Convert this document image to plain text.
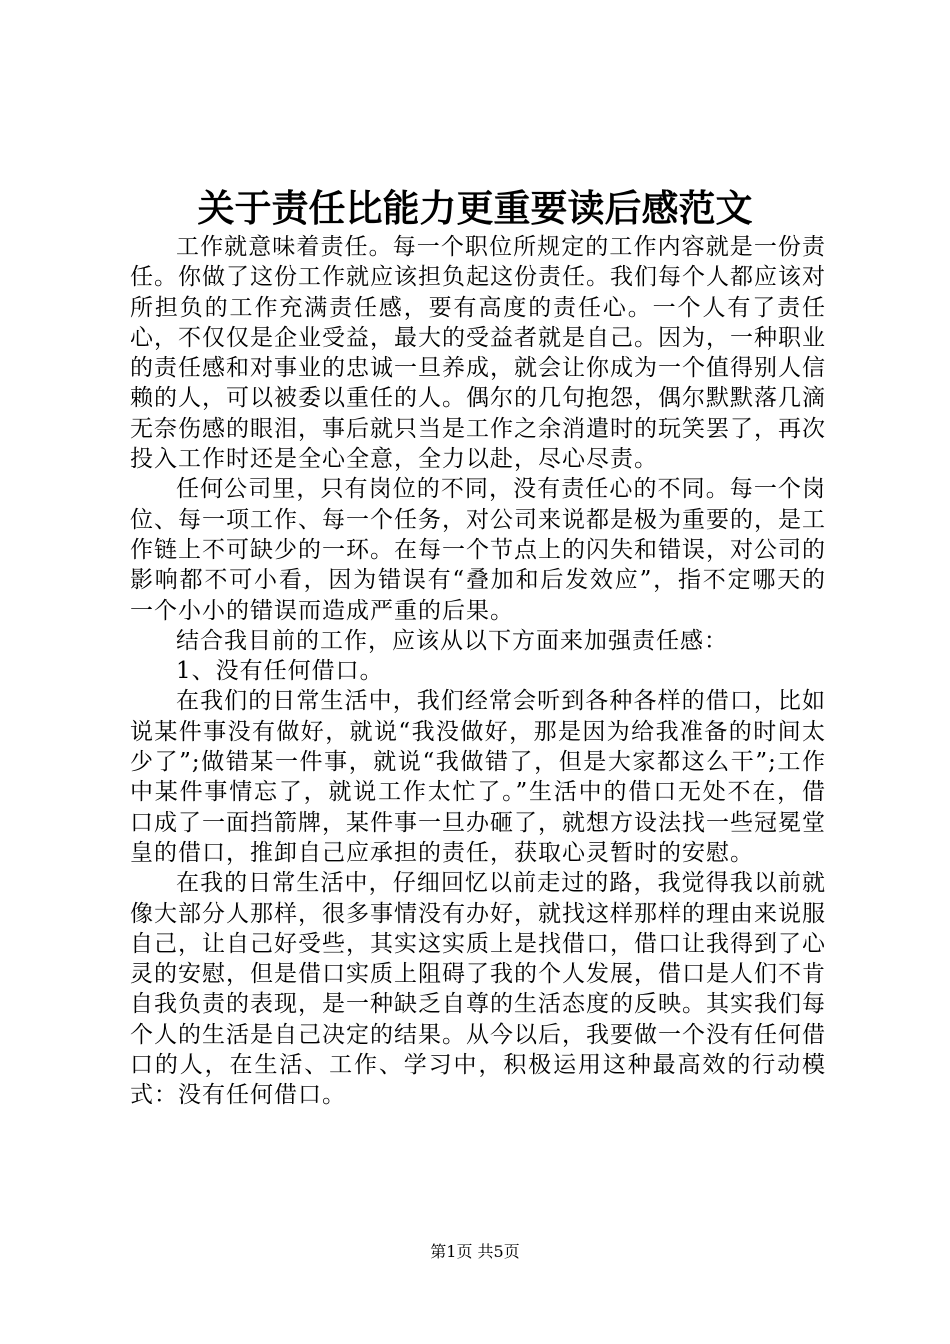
关于责任比能力更重要读后感范文

工作就意味着责任。每一个职位所规定的工作内容就是一份责任。你做了这份工作就应该担负起这份责任。我们每个人都应该对所担负的工作充满责任感，要有高度的责任心。一个人有了责任心，不仅仅是企业受益，最大的受益者就是自己。因为，一种职业的责任感和对事业的忠诚一旦养成，就会让你成为一个值得别人信赖的人，可以被委以重任的人。偶尔的几句抱怨，偶尔默默落几滴无奈伤感的眼泪，事后就只当是工作之余消遣时的玩笑罢了，再次投入工作时还是全心全意，全力以赴，尽心尽责。

任何公司里，只有岗位的不同，没有责任心的不同。每一个岗位、每一项工作、每一个任务，对公司来说都是极为重要的，是工作链上不可缺少的一环。在每一个节点上的闪失和错误，对公司的影响都不可小看，因为错误有“叠加和后发效应”，指不定哪天的一个小小的错误而造成严重的后果。

结合我目前的工作，应该从以下方面来加强责任感：

1、没有任何借口。

在我们的日常生活中，我们经常会听到各种各样的借口，比如说某件事没有做好，就说“我没做好，那是因为给我准备的时间太少了”;做错某一件事，就说“我做错了，但是大家都这么干”;工作中某件事情忘了，就说工作太忙了。”生活中的借口无处不在，借口成了一面挡箭牌，某件事一旦办砸了，就想方设法找一些冠冕堂皇的借口，推卸自己应承担的责任，获取心灵暂时的安慰。

在我的日常生活中，仔细回忆以前走过的路，我觉得我以前就像大部分人那样，很多事情没有办好，就找这样那样的理由来说服自己，让自己好受些，其实这实质上是找借口，借口让我得到了心灵的安慰，但是借口实质上阻碍了我的个人发展，借口是人们不肯自我负责的表现，是一种缺乏自尊的生活态度的反映。其实我们每个人的生活是自己决定的结果。从今以后，我要做一个没有任何借口的人，在生活、工作、学习中，积极运用这种最高效的行动模式：没有任何借口。

第1页 共5页
